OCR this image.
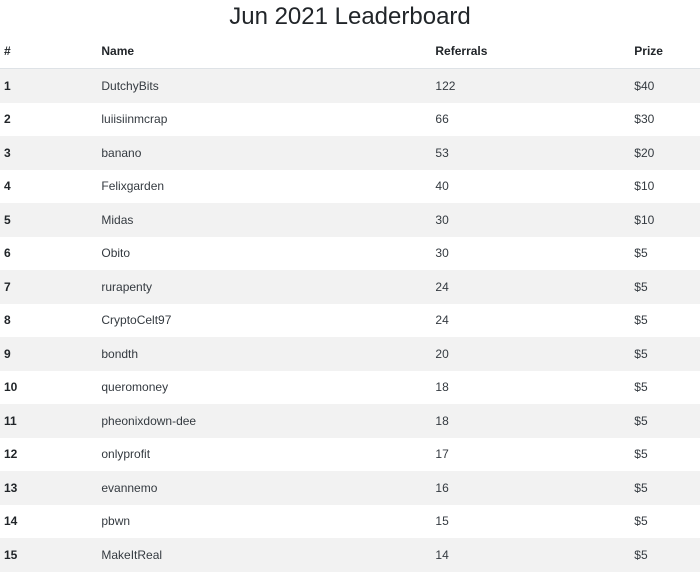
Jun 2021 Leaderboard
#	Name	Referrals	Prize
1	DutchyBits	122	$40
2	luiisiinmcrap	66	$30
3	banano	53	$20
4	Felixgarden	40	$10
5	Midas	30	$10
6	Obito	30	$5
7	rurapenty	24	$5
8	CryptoCelt97	24	$5
9	bondth	20	$5
10	queromoney	18	$5
11	pheonixdown-dee	18	$5
12	onlyprofit	17	$5
13	evannemo	16	$5
14	pbwn	15	$5
15	MakeItReal	14	$5
